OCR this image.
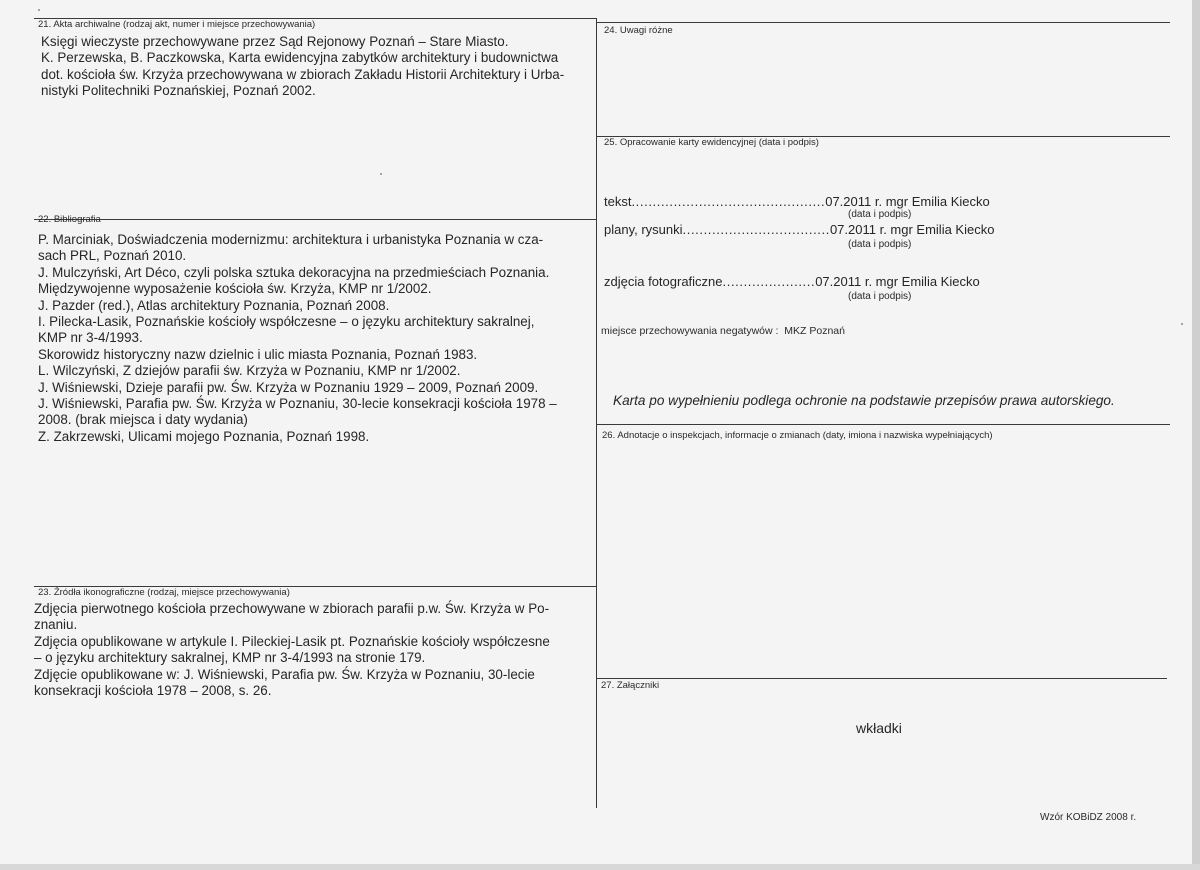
21. Akta archiwalne (rodzaj akt, numer i miejsce przechowywania)
Księgi wieczyste przechowywane przez Sąd Rejonowy Poznań – Stare Miasto.
K. Perzewska, B. Paczkowska, Karta ewidencyjna zabytków architektury i budownictwa
dot. kościoła św. Krzyża przechowywana w zbiorach Zakładu Historii Architektury i Urba-
nistyki Politechniki Poznańskiej, Poznań 2002.
22. Bibliografia
P. Marciniak, Doświadczenia modernizmu: architektura i urbanistyka Poznania w cza-
sach PRL, Poznań 2010.
J. Mulczyński, Art Déco, czyli polska sztuka dekoracyjna na przedmieściach Poznania.
Międzywojenne wyposażenie kościoła św. Krzyża, KMP nr 1/2002.
J. Pazder (red.), Atlas architektury Poznania, Poznań 2008.
I. Pilecka-Lasik, Poznańskie kościoły współczesne – o języku architektury sakralnej,
KMP nr 3-4/1993.
Skorowidz historyczny nazw dzielnic i ulic miasta Poznania, Poznań 1983.
L. Wilczyński, Z dziejów parafii św. Krzyża w Poznaniu, KMP nr 1/2002.
J. Wiśniewski, Dzieje parafii pw. Św. Krzyża w Poznaniu 1929 – 2009, Poznań 2009.
J. Wiśniewski, Parafia pw. Św. Krzyża w Poznaniu, 30-lecie konsekracji kościoła 1978 –
2008. (brak miejsca i daty wydania)
Z. Zakrzewski, Ulicami mojego Poznania, Poznań 1998.
23. Źródła ikonograficzne (rodzaj, miejsce przechowywania)
Zdjęcia pierwotnego kościoła przechowywane w zbiorach parafii p.w. Św. Krzyża w Po-
znaniu.
Zdjęcia opublikowane w artykule I. Pileckiej-Lasik pt. Poznańskie kościoły współczesne
– o języku architektury sakralnej, KMP nr 3-4/1993 na stronie 179.
Zdjęcie opublikowane w: J. Wiśniewski, Parafia pw. Św. Krzyża w Poznaniu, 30-lecie
konsekracji kościoła 1978 – 2008, s. 26.
24. Uwagi różne
25. Opracowanie karty ewidencyjnej (data i podpis)
tekst..............................................07.2011 r. mgr Emilia Kiecko
(data i podpis)
plany, rysunki...................................07.2011 r. mgr Emilia Kiecko
(data i podpis)
zdjęcia fotograficzne......................07.2011 r. mgr Emilia Kiecko
(data i podpis)
miejsce przechowywania negatywów : MKZ Poznań
Karta po wypełnieniu podlega ochronie na podstawie przepisów prawa autorskiego.
26. Adnotacje o inspekcjach, informacje o zmianach (daty, imiona i nazwiska wypełniających)
27. Załączniki
wkładki
Wzór KOBiDZ 2008 r.
